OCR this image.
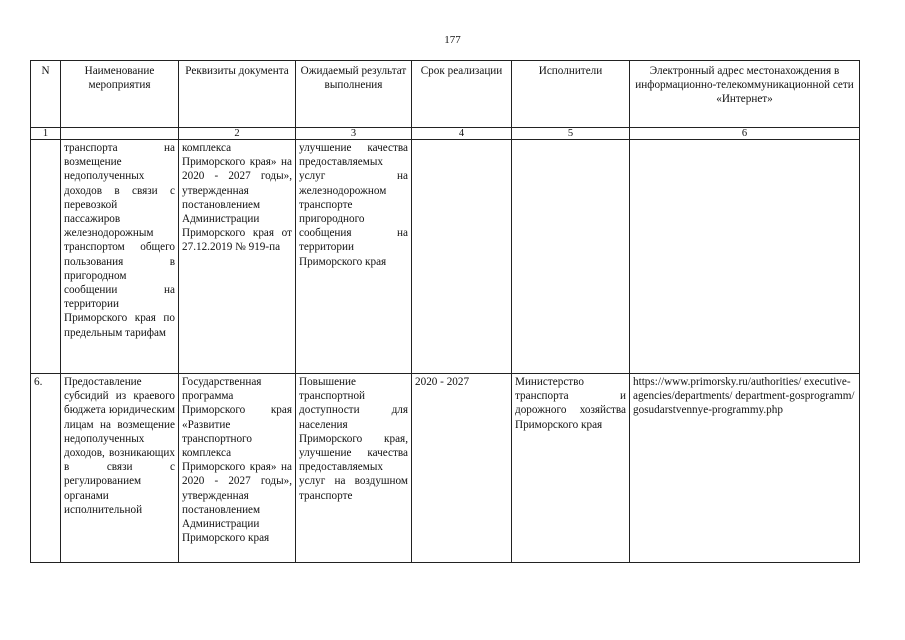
177
N	Наименование мероприятия	Реквизиты документа	Ожидаемый результат выполнения	Срок реализации	Исполнители	Электронный адрес местонахождения в информационно-телекоммуникационной сети «Интернет»
1		2	3	4	5	6
	транспорта на возмещение недополученных доходов в связи с перевозкой пассажиров железнодорожным транспортом общего пользования в пригородном сообщении на территории Приморского края по предельным тарифам	комплекса Приморского края» на 2020 - 2027 годы», утвержденная постановлением Администрации Приморского края от 27.12.2019 № 919-па	улучшение качества предоставляемых услуг на железнодорожном транспорте пригородного сообщения на территории Приморского края			
6.	Предоставление субсидий из краевого бюджета юридическим лицам на возмещение недополученных доходов, возникающих в связи с регулированием органами исполнительной	Государственная программа Приморского края «Развитие транспортного комплекса Приморского края» на 2020 - 2027 годы», утвержденная постановлением Администрации Приморского края	Повышение транспортной доступности для населения Приморского края, улучшение качества предоставляемых услуг на воздушном транспорте	2020 - 2027	Министерство транспорта и дорожного хозяйства Приморского края	https://www.primorsky.ru/authorities/ executive-agencies/departments/ department-gosprogramm/ gosudarstvennye-programmy.php
